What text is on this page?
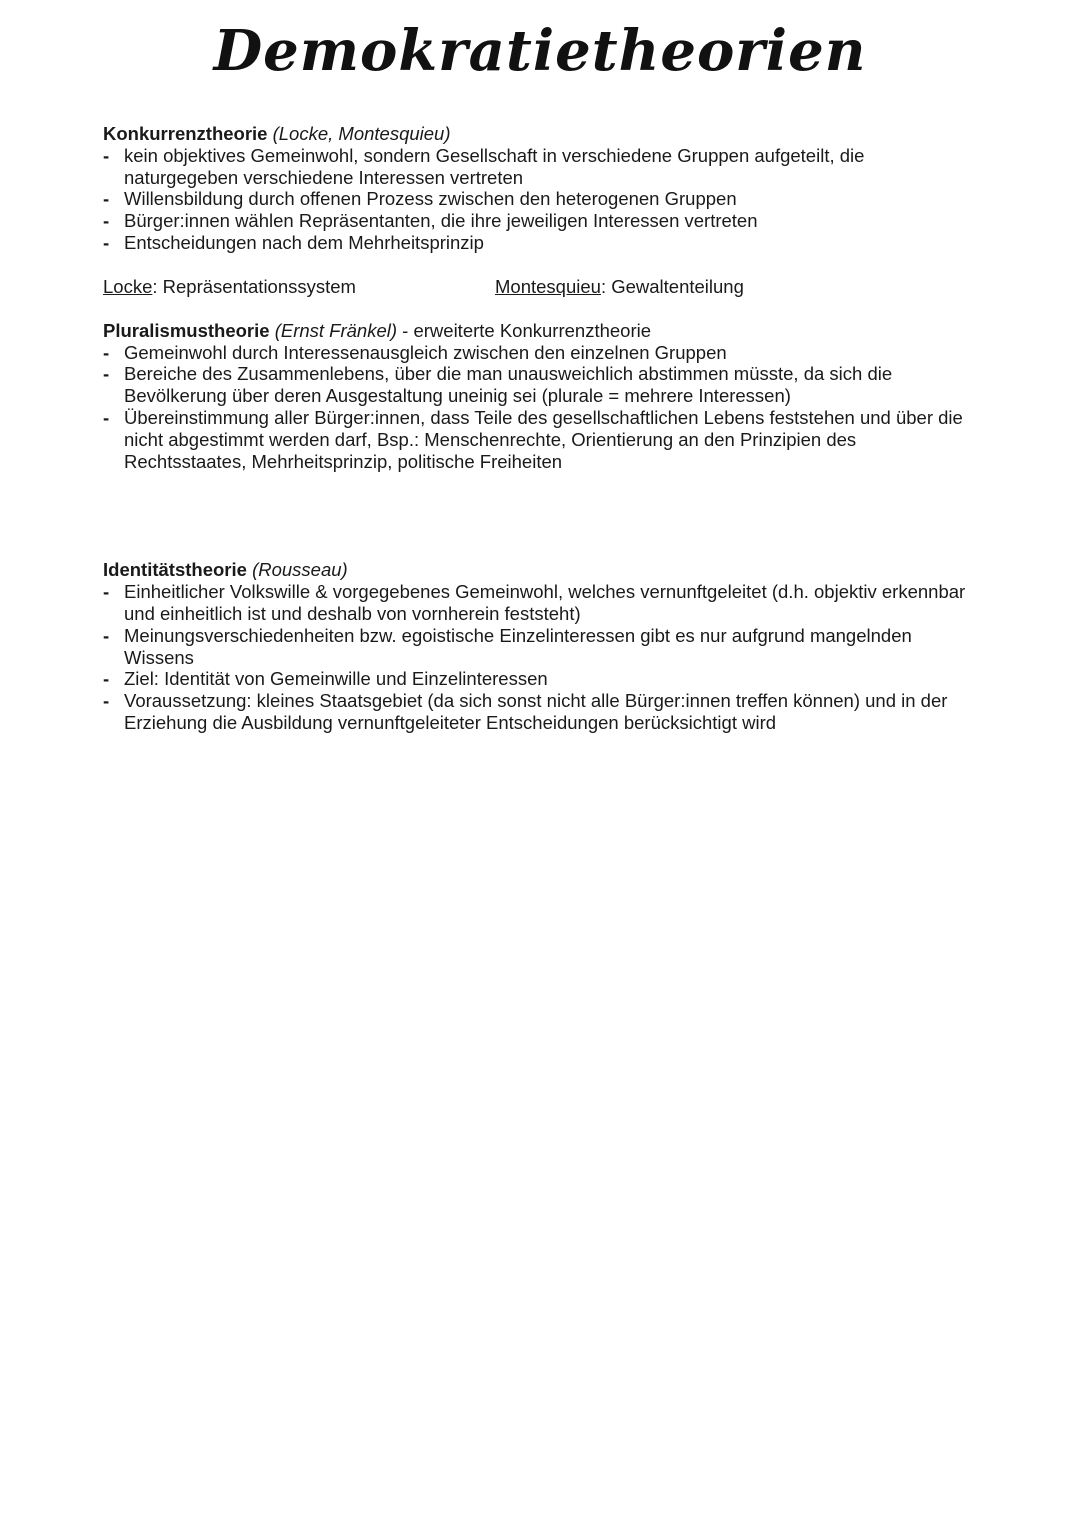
Demokratietheorien

Konkurrenztheorie (Locke, Montesquieu)

- kein objektives Gemeinwohl, sondern Gesellschaft in verschiedene Gruppen aufgeteilt, die naturgegeben verschiedene Interessen vertreten
- Willensbildung durch offenen Prozess zwischen den heterogenen Gruppen
- Bürger:innen wählen Repräsentanten, die ihre jeweiligen Interessen vertreten
- Entscheidungen nach dem Mehrheitsprinzip
Locke: Repräsentationssystem	Montesquieu: Gewaltenteilung

Pluralismustheorie (Ernst Fränkel) - erweiterte Konkurrenztheorie

- Gemeinwohl durch Interessenausgleich zwischen den einzelnen Gruppen
- Bereiche des Zusammenlebens, über die man unausweichlich abstimmen müsste, da sich die Bevölkerung über deren Ausgestaltung uneinig sei (plurale = mehrere Interessen)
- Übereinstimmung aller Bürger:innen, dass Teile des gesellschaftlichen Lebens feststehen und über die nicht abgestimmt werden darf, Bsp.: Menschenrechte, Orientierung an den Prinzipien des Rechtsstaates, Mehrheitsprinzip, politische Freiheiten

Identitätstheorie (Rousseau)

- Einheitlicher Volkswille & vorgegebenes Gemeinwohl, welches vernunftgeleitet (d.h. objektiv erkennbar und einheitlich ist und deshalb von vornherein feststeht)
- Meinungsverschiedenheiten bzw. egoistische Einzelinteressen gibt es nur aufgrund mangelnden Wissens
- Ziel: Identität von Gemeinwille und Einzelinteressen
- Voraussetzung: kleines Staatsgebiet (da sich sonst nicht alle Bürger:innen treffen können) und in der Erziehung die Ausbildung vernunftgeleiteter Entscheidungen berücksichtigt wird
